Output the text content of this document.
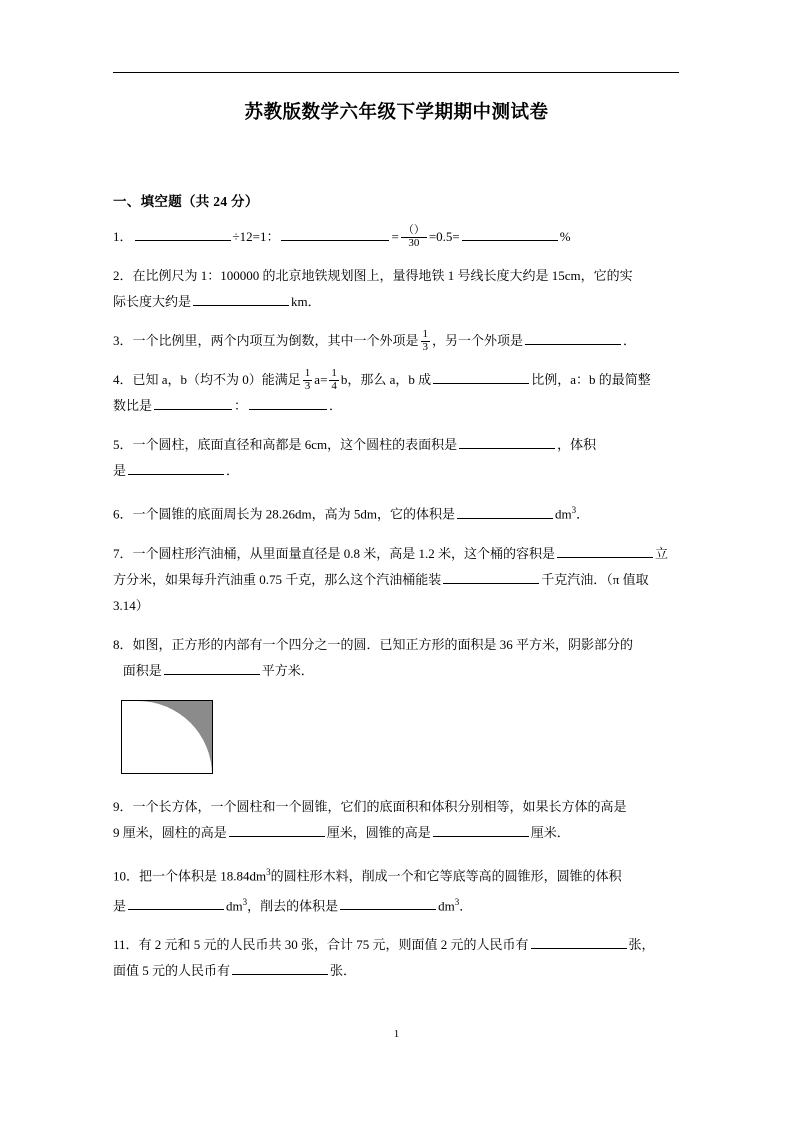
苏教版数学六年级下学期期中测试卷
一、填空题（共 24 分）
1．	÷12=1：	= $\frac{()}{30} =0.5=$	%
2．在比例尺为 1：100000 的北京地铁规划图上，量得地铁 1 号线长度大约是 15cm，它的实
际长度大约是	km．
3．一个比例里，两个内项互为倒数，其中一个外项是 $\frac{1}{3}$ ，另一个外项是	．
4．已知 a，b（均不为 0）能满足 $\frac{1}{3} a= \frac{1}{4}$ b，那么 a，b 成	比例，a：b 的最简整
数比是	：	．
5．一个圆柱，底面直径和高都是 6cm，这个圆柱的表面积是	，体积
是	．
6．一个圆锥的底面周长为 28.26dm，高为 5dm，它的体积是	$dm^3$．
7．一个圆柱形汽油桶，从里面量直径是 0.8 米，高是 1.2 米，这个桶的容积是	立
方分米，如果每升汽油重 0.75 千克，那么这个汽油桶能装	千克汽油．（π 值取
3.14）
8．如图，正方形的内部有一个四分之一的圆．已知正方形的面积是 36 平方米，阴影部分的
面积是	平方米．
9．一个长方体，一个圆柱和一个圆锥，它们的底面积和体积分别相等，如果长方体的高是
9 厘米，圆柱的高是	厘米，圆锥的高是	厘米．
10．把一个体积是 $18.84dm^3$的圆柱形木料，削成一个和它等底等高的圆锥形，圆锥的体积
是	$dm^3$，削去的体积是	$dm^3$．
11．有 2 元和 5 元的人民币共 30 张，合计 75 元，则面值 2 元的人民币有	张，
面值 5 元的人民币有	张．
1
